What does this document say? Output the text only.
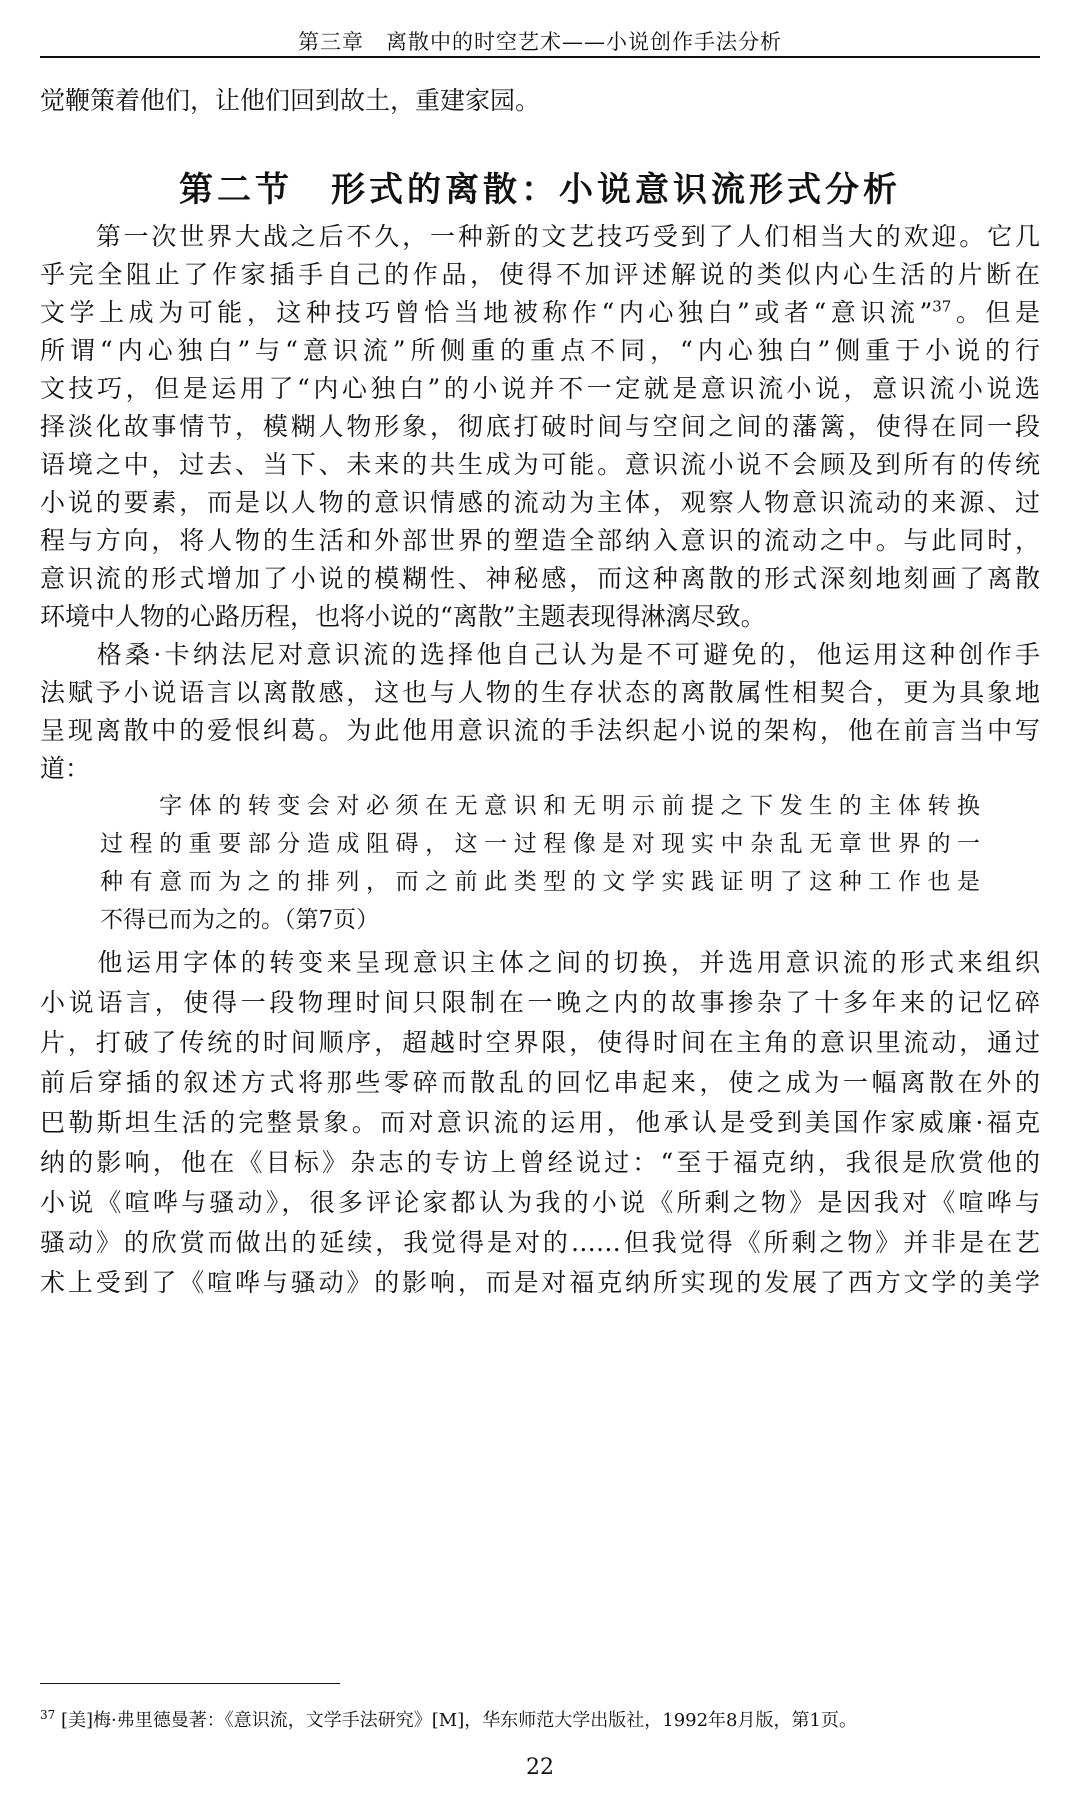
第三章　离散中的时空艺术——小说创作手法分析
觉鞭策着他们，让他们回到故土，重建家园。
第二节　形式的离散：小说意识流形式分析
　　第一次世界大战之后不久，一种新的文艺技巧受到了人们相当大的欢迎。它几
乎完全阻止了作家插手自己的作品，使得不加评述解说的类似内心生活的片断在
文学上成为可能，这种技巧曾恰当地被称作“内心独白”或者“意识流”$^{37}$。但是
所谓“内心独白”与“意识流”所侧重的重点不同，“内心独白”侧重于小说的行
文技巧，但是运用了“内心独白”的小说并不一定就是意识流小说，意识流小说选
择淡化故事情节，模糊人物形象，彻底打破时间与空间之间的藩篱，使得在同一段
语境之中，过去、当下、未来的共生成为可能。意识流小说不会顾及到所有的传统
小说的要素，而是以人物的意识情感的流动为主体，观察人物意识流动的来源、过
程与方向，将人物的生活和外部世界的塑造全部纳入意识的流动之中。与此同时，
意识流的形式增加了小说的模糊性、神秘感，而这种离散的形式深刻地刻画了离散
环境中人物的心路历程，也将小说的“离散”主题表现得淋漓尽致。
　　格桑·卡纳法尼对意识流的选择他自己认为是不可避免的，他运用这种创作手
法赋予小说语言以离散感，这也与人物的生存状态的离散属性相契合，更为具象地
呈现离散中的爱恨纠葛。为此他用意识流的手法织起小说的架构，他在前言当中写
道：
　　字体的转变会对必须在无意识和无明示前提之下发生的主体转换
过程的重要部分造成阻碍，这一过程像是对现实中杂乱无章世界的一
种有意而为之的排列，而之前此类型的文学实践证明了这种工作也是
不得已而为之的。（第7页）
　　他运用字体的转变来呈现意识主体之间的切换，并选用意识流的形式来组织
小说语言，使得一段物理时间只限制在一晚之内的故事掺杂了十多年来的记忆碎
片，打破了传统的时间顺序，超越时空界限，使得时间在主角的意识里流动，通过
前后穿插的叙述方式将那些零碎而散乱的回忆串起来，使之成为一幅离散在外的
巴勒斯坦生活的完整景象。而对意识流的运用，他承认是受到美国作家威廉·福克
纳的影响，他在《目标》杂志的专访上曾经说过：“至于福克纳，我很是欣赏他的
小说《喧哗与骚动》，很多评论家都认为我的小说《所剩之物》是因我对《喧哗与
骚动》的欣赏而做出的延续，我觉得是对的……但我觉得《所剩之物》并非是在艺
术上受到了《喧哗与骚动》的影响，而是对福克纳所实现的发展了西方文学的美学
$^{37}$ [美]梅·弗里德曼著：《意识流，文学手法研究》[M]，华东师范大学出版社，1992年8月版，第1页。
22
